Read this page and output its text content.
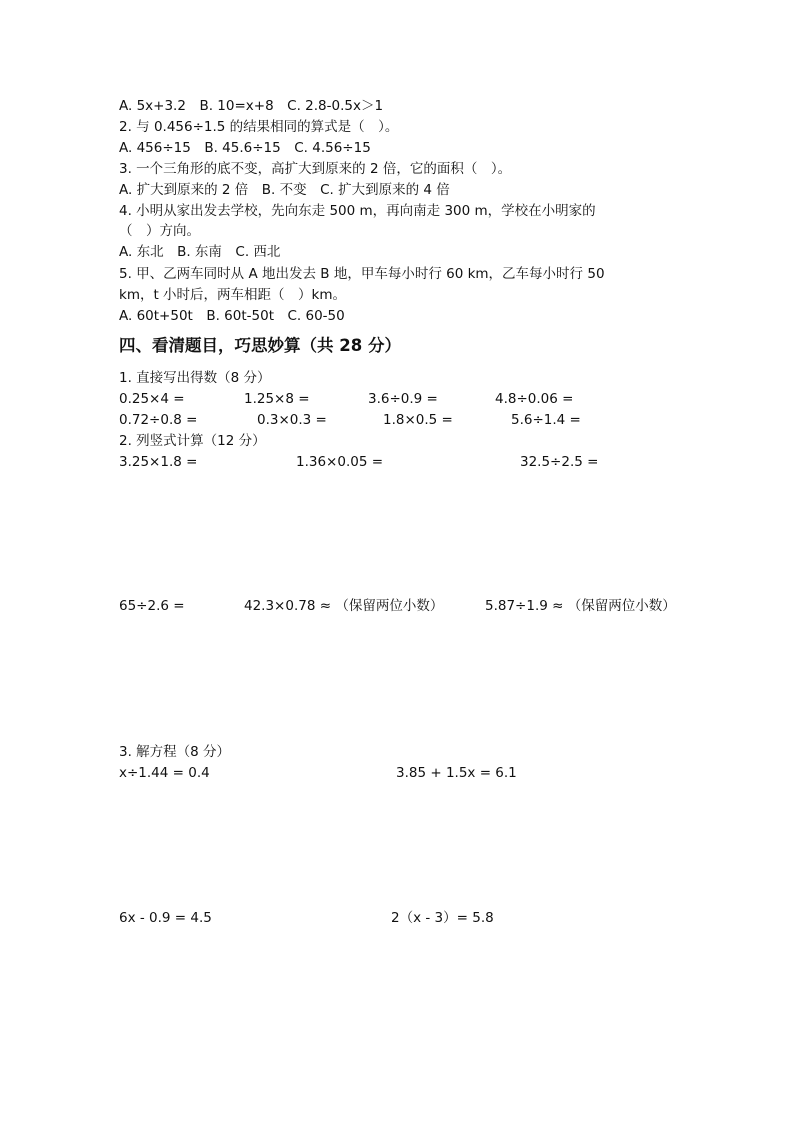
A. 5x+3.2　B. 10=x+8　C. 2.8-0.5x＞1
2. 与 0.456÷1.5 的结果相同的算式是（　）。
A. 456÷15　B. 45.6÷15　C. 4.56÷15
3. 一个三角形的底不变，高扩大到原来的 2 倍，它的面积（　）。
A. 扩大到原来的 2 倍　B. 不变　C. 扩大到原来的 4 倍
4. 小明从家出发去学校，先向东走 500 m，再向南走 300 m，学校在小明家的
（　）方向。
A. 东北　B. 东南　C. 西北
5. 甲、乙两车同时从 A 地出发去 B 地，甲车每小时行 60 km，乙车每小时行 50
km，t 小时后，两车相距（　）km。
A. 60t+50t　B. 60t-50t　C. 60-50
四、看清题目，巧思妙算（共 28 分）
1. 直接写出得数（8 分）
0.25×4 =	1.25×8 =	3.6÷0.9 =	4.8÷0.06 =
0.72÷0.8 =	0.3×0.3 =	1.8×0.5 =	5.6÷1.4 =
2. 列竖式计算（12 分）
3.25×1.8 =	1.36×0.05 =	32.5÷2.5 =
65÷2.6 =	42.3×0.78 ≈ （保留两位小数）	5.87÷1.9 ≈ （保留两位小数）
3. 解方程（8 分）
x÷1.44 = 0.4	3.85 + 1.5x = 6.1
6x - 0.9 = 4.5	2（x - 3）= 5.8
